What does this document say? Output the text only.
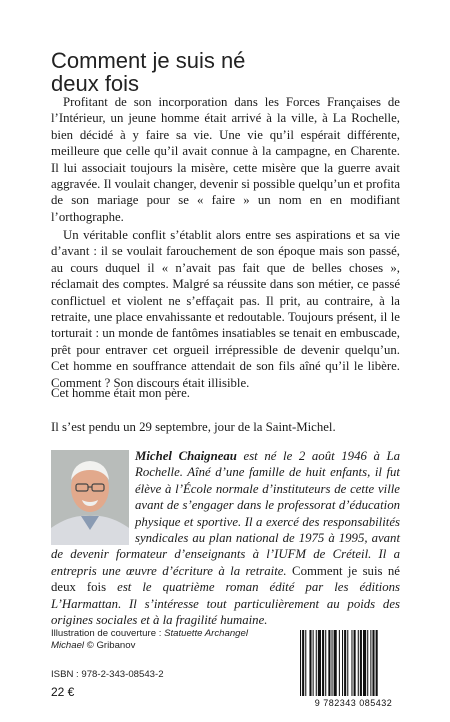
Comment je suis né
deux fois

Profitant de son incorporation dans les Forces Françaises de l’Intérieur, un jeune homme était arrivé à la ville, à La Rochelle, bien décidé à y faire sa vie. Une vie qu’il espérait différente, meilleure que celle qu’il avait connue à la campagne, en Charente. Il lui associait toujours la misère, cette misère que la guerre avait aggravée. Il voulait changer, devenir si possible quelqu’un et profita de son mariage pour se « faire » un nom en en modifiant l’orthographe.

Un véritable conflit s’établit alors entre ses aspirations et sa vie d’avant : il se voulait farouchement de son époque mais son passé, au cours duquel il « n’avait pas fait que de belles choses », réclamait des comptes. Malgré sa réussite dans son métier, ce passé conflictuel et violent ne s’effaçait pas. Il prit, au contraire, à la retraite, une place envahissante et redoutable. Toujours présent, il le torturait : un monde de fantômes insatiables se tenait en embuscade, prêt pour entraver cet orgueil irrépressible de devenir quelqu’un. Cet homme en souffrance attendait de son fils aîné qu’il le libère. Comment ? Son discours était illisible.

Cet homme était mon père.

Il s’est pendu un 29 septembre, jour de la Saint-Michel.

Michel Chaigneau est né le 2 août 1946 à La Rochelle. Aîné d’une famille de huit enfants, il fut élève à l’École normale d’instituteurs de cette ville avant de s’engager dans le professorat d’éducation physique et sportive. Il a exercé des responsabilités syndicales au plan national de 1975 à 1995, avant de devenir formateur d’enseignants à l’IUFM de Créteil. Il a entrepris une œuvre d’écriture à la retraite. Comment je suis né deux fois est le quatrième roman édité par les éditions L’Harmattan. Il s’intéresse tout particulièrement au poids des origines sociales et à la fragilité humaine.

Illustration de couverture : Statuette Archangel Michael © Gribanov
ISBN : 978-2-343-08543-2
22 €
9 782343 085432
